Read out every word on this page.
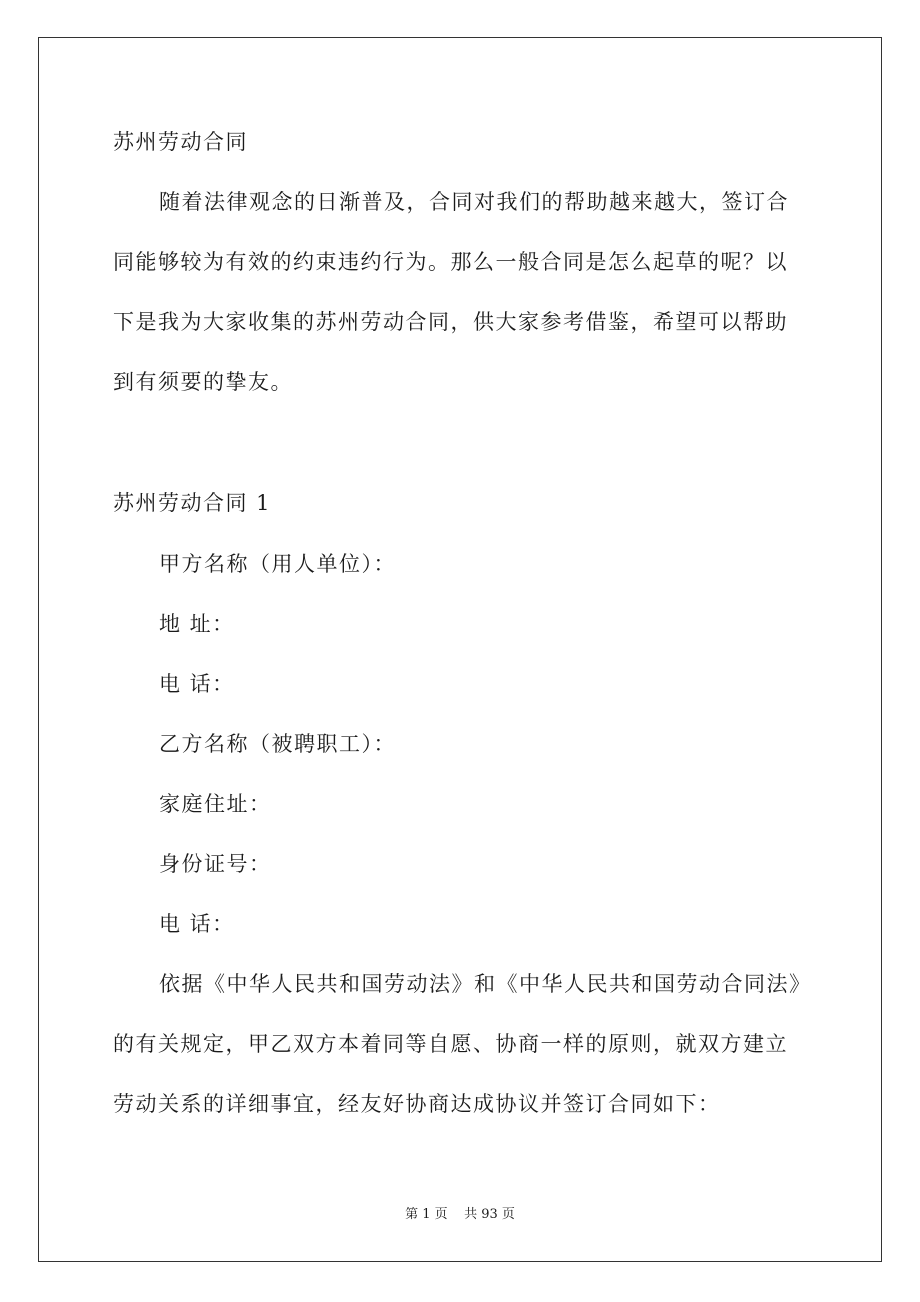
苏州劳动合同
随着法律观念的日渐普及，合同对我们的帮助越来越大，签订合
同能够较为有效的约束违约行为。那么一般合同是怎么起草的呢？以
下是我为大家收集的苏州劳动合同，供大家参考借鉴，希望可以帮助
到有须要的挚友。
苏州劳动合同 1
甲方名称（用人单位）：
地 址：
电 话：
乙方名称（被聘职工）：
家庭住址：
身份证号：
电 话：
依据《中华人民共和国劳动法》和《中华人民共和国劳动合同法》
的有关规定，甲乙双方本着同等自愿、协商一样的原则，就双方建立
劳动关系的详细事宜，经友好协商达成协议并签订合同如下：
第 1 页    共 93 页
